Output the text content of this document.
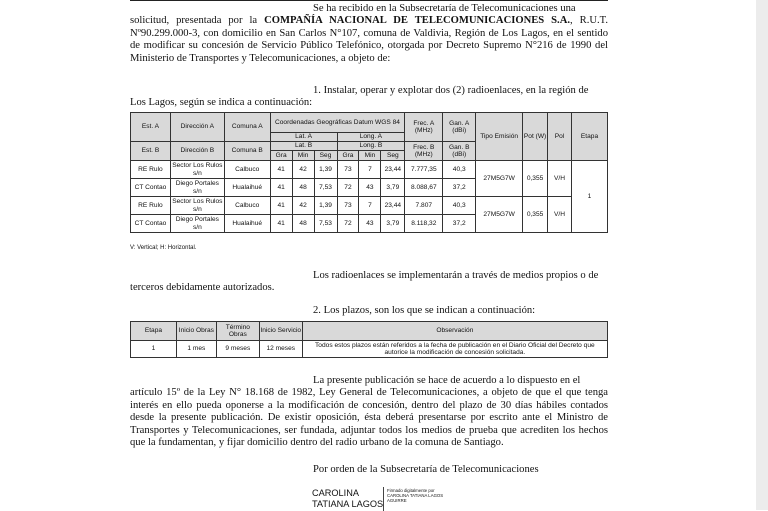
Se ha recibido en la Subsecretaría de Telecomunicaciones una
solicitud, presentada por la COMPAÑÍA NACIONAL DE TELECOMUNICACIONES S.A., R.U.T. Nº90.299.000-3, con domicilio en San Carlos N°107, comuna de Valdivia, Región de Los Lagos, en el sentido de modificar su concesión de Servicio Público Telefónico, otorgada por Decreto Supremo N°216 de 1990 del Ministerio de Transportes y Telecomunicaciones, a objeto de:

1. Instalar, operar y explotar dos (2) radioenlaces, en la región de
Los Lagos, según se indica a continuación:

Est. A	Dirección A	Comuna A	Coordenadas Geográficas Datum WGS 84						Frec. A (MHz)	Gan. A (dBi)	Tipo Emisión	Pot (W)	Pol	Etapa
			Lat. A			Long. A								
Est. B	Dirección B	Comuna B	Lat. B			Long. B			Frec. B (MHz)	Gan. B (dBi)				
			Gra	Min	Seg	Gra	Min	Seg						

RE Rulo	Sector Los Rulos s/n	Calbuco	41	42	1,39	73	7	23,44	7.777,35	40,3	27M5G7W	0,355	V/H	1
CT Contao	Diego Portales s/n	Hualaihué	41	48	7,53	72	43	3,79	8.088,67	37,2				
RE Rulo	Sector Los Rulos s/n	Calbuco	41	42	1,39	73	7	23,44	7.807	40,3	27M5G7W	0,355	V/H	
CT Contao	Diego Portales s/n	Hualaihué	41	48	7,53	72	43	3,79	8.118,32	37,2				
V: Vertical; H: Horizontal.

Los radioenlaces se implementarán a través de medios propios o de
terceros debidamente autorizados.

2. Los plazos, son los que se indican a continuación:

Etapa	Inicio Obras	Término Obras	Inicio Servicio	Observación
1	1 mes	9 meses	12 meses	Todos estos plazos están referidos a la fecha de publicación en el Diario Oficial del Decreto que autorice la modificación de concesión solicitada.

La presente publicación se hace de acuerdo a lo dispuesto en el
artículo 15º de la Ley N° 18.168 de 1982, Ley General de Telecomunicaciones, a objeto de que el que tenga interés en ello pueda oponerse a la modificación de concesión, dentro del plazo de 30 días hábiles contados desde la presente publicación. De existir oposición, ésta deberá presentarse por escrito ante el Ministro de Transportes y Telecomunicaciones, ser fundada, adjuntar todos los medios de prueba que acrediten los hechos que la fundamentan, y fijar domicilio dentro del radio urbano de la comuna de Santiago.

Por orden de la Subsecretaría de Telecomunicaciones

CAROLINA
TATIANA LAGOS
Firmado digitalmente por
CAROLINA TATIANA LAGOS
AGUIRRE
